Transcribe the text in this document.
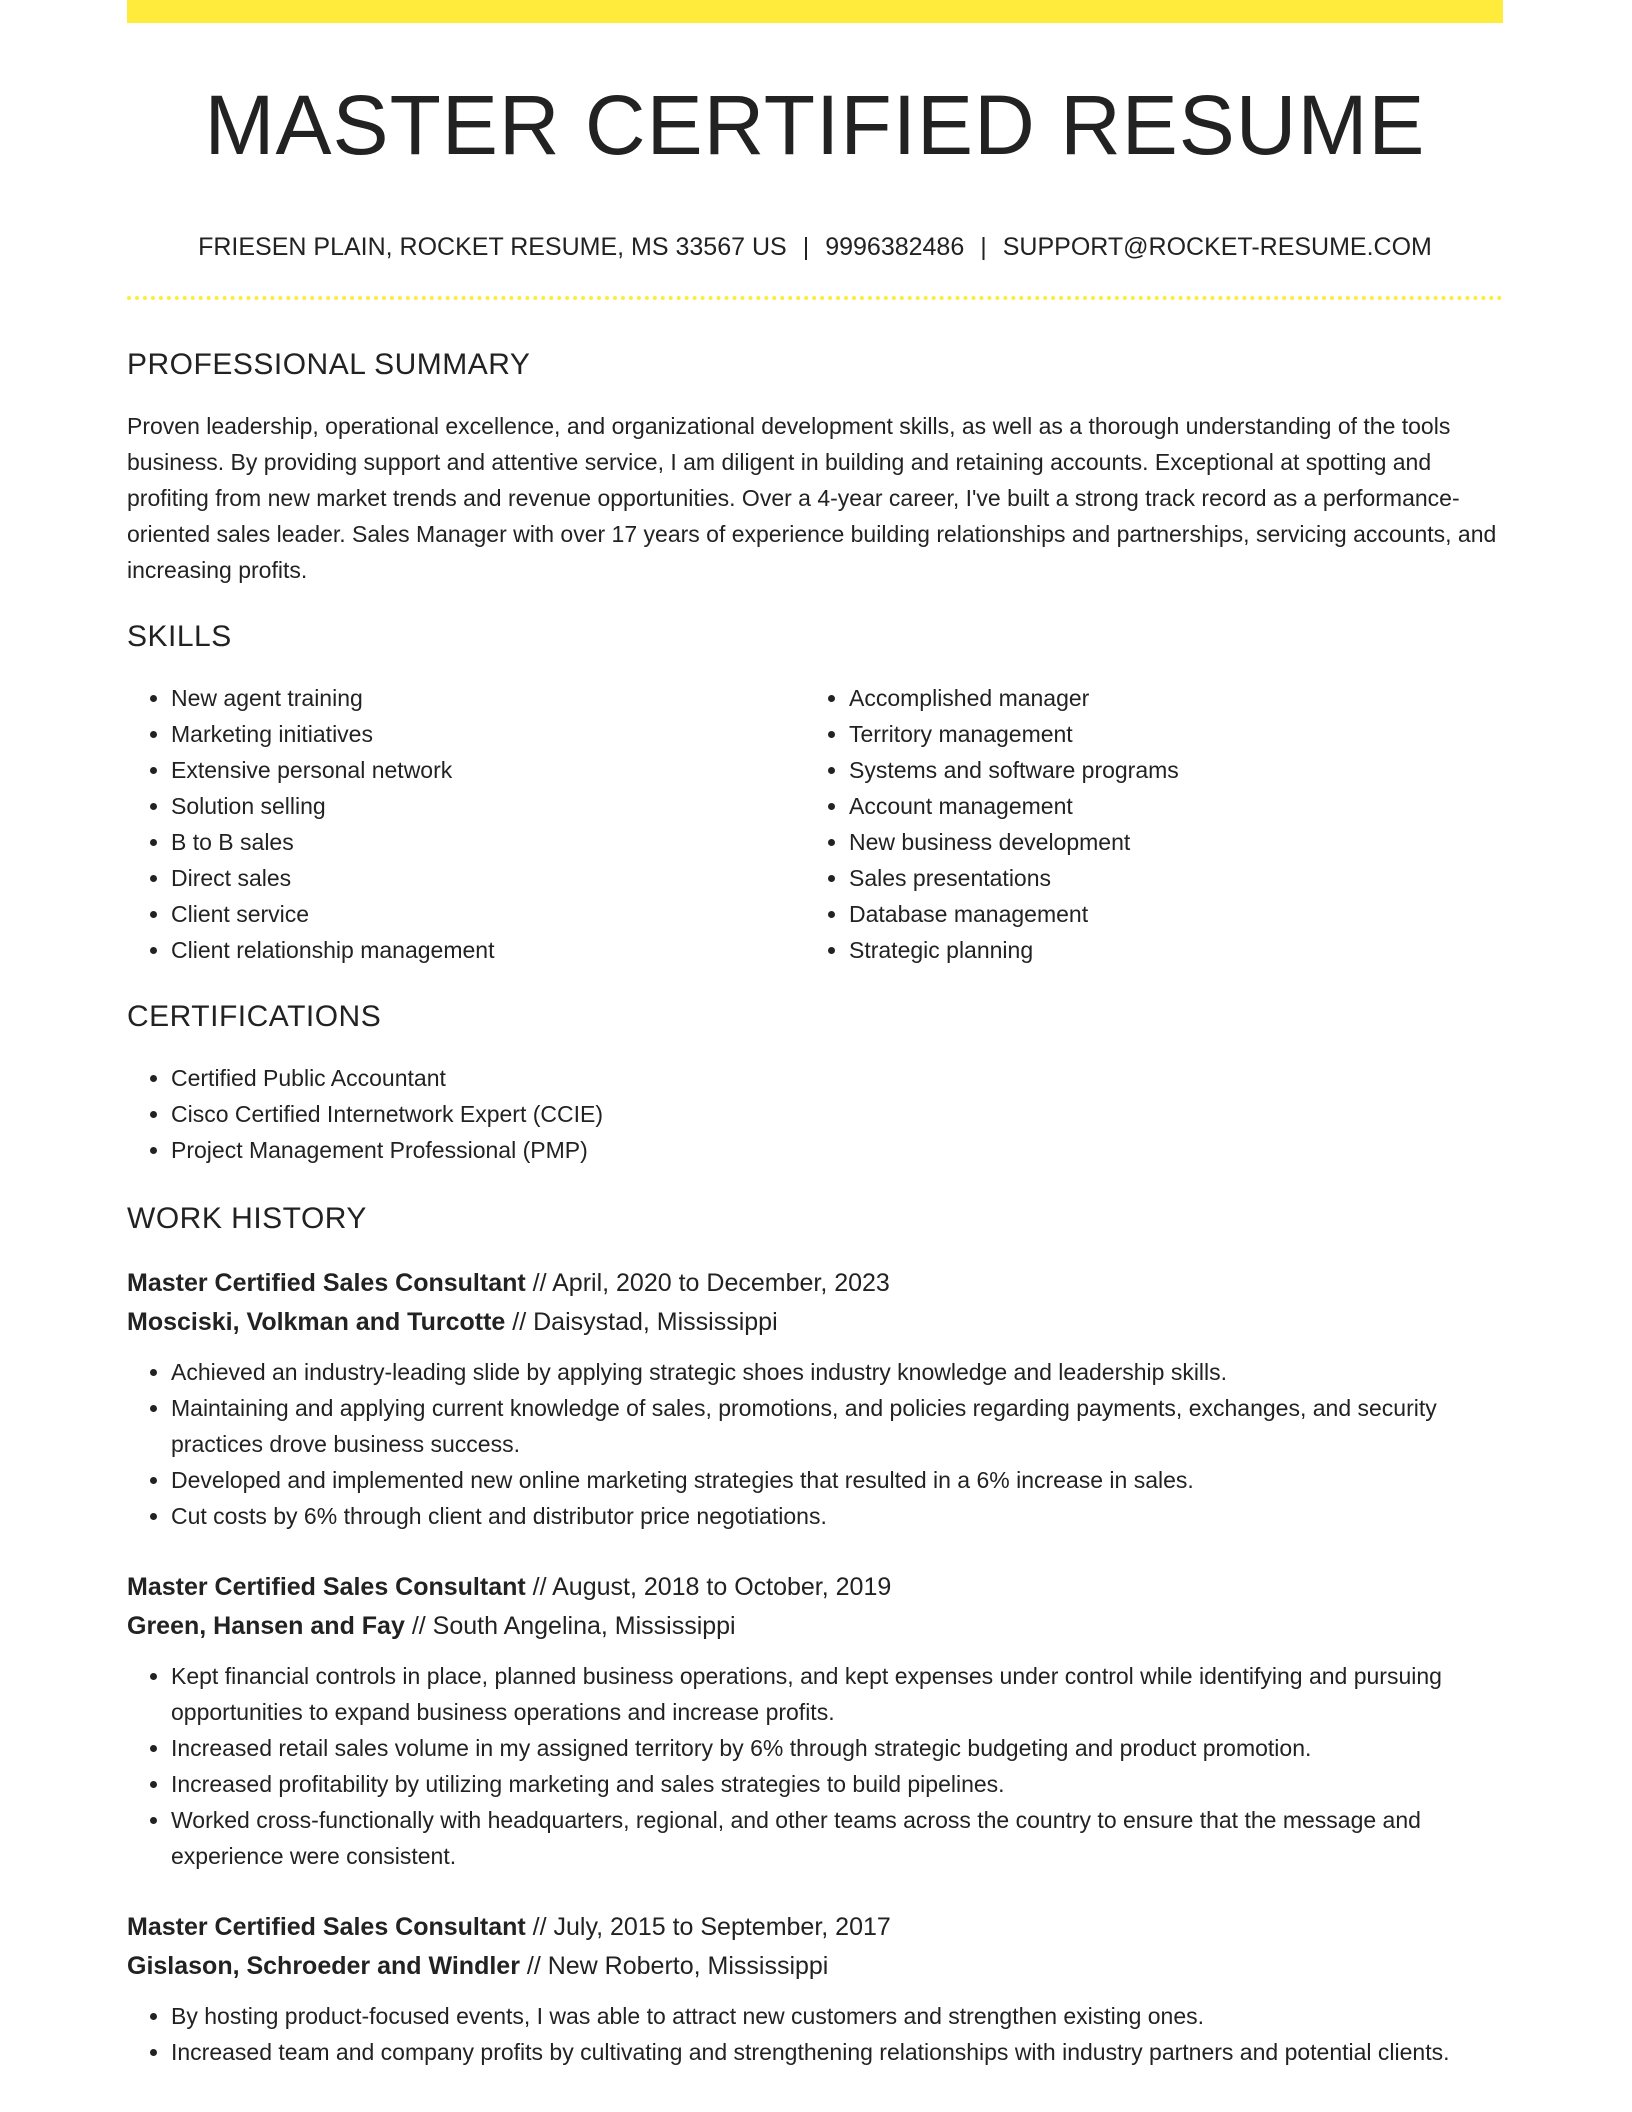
MASTER CERTIFIED RESUME
FRIESEN PLAIN, ROCKET RESUME, MS 33567 US | 9996382486 | SUPPORT@ROCKET-RESUME.COM
PROFESSIONAL SUMMARY

Proven leadership, operational excellence, and organizational development skills, as well as a thorough understanding of the tools business. By providing support and attentive service, I am diligent in building and retaining accounts. Exceptional at spotting and profiting from new market trends and revenue opportunities. Over a 4-year career, I've built a strong track record as a performance-oriented sales leader. Sales Manager with over 17 years of experience building relationships and partnerships, servicing accounts, and increasing profits.

SKILLS
• New agent training
• Marketing initiatives
• Extensive personal network
• Solution selling
• B to B sales
• Direct sales
• Client service
• Client relationship management
• Accomplished manager
• Territory management
• Systems and software programs
• Account management
• New business development
• Sales presentations
• Database management
• Strategic planning
CERTIFICATIONS
• Certified Public Accountant
• Cisco Certified Internetwork Expert (CCIE)
• Project Management Professional (PMP)
WORK HISTORY
Master Certified Sales Consultant // April, 2020 to December, 2023
Mosciski, Volkman and Turcotte // Daisystad, Mississippi
• Achieved an industry-leading slide by applying strategic shoes industry knowledge and leadership skills.
• Maintaining and applying current knowledge of sales, promotions, and policies regarding payments, exchanges, and security practices drove business success.
• Developed and implemented new online marketing strategies that resulted in a 6% increase in sales.
• Cut costs by 6% through client and distributor price negotiations.
Master Certified Sales Consultant // August, 2018 to October, 2019
Green, Hansen and Fay // South Angelina, Mississippi
• Kept financial controls in place, planned business operations, and kept expenses under control while identifying and pursuing opportunities to expand business operations and increase profits.
• Increased retail sales volume in my assigned territory by 6% through strategic budgeting and product promotion.
• Increased profitability by utilizing marketing and sales strategies to build pipelines.
• Worked cross-functionally with headquarters, regional, and other teams across the country to ensure that the message and experience were consistent.
Master Certified Sales Consultant // July, 2015 to September, 2017
Gislason, Schroeder and Windler // New Roberto, Mississippi
• By hosting product-focused events, I was able to attract new customers and strengthen existing ones.
• Increased team and company profits by cultivating and strengthening relationships with industry partners and potential clients.
